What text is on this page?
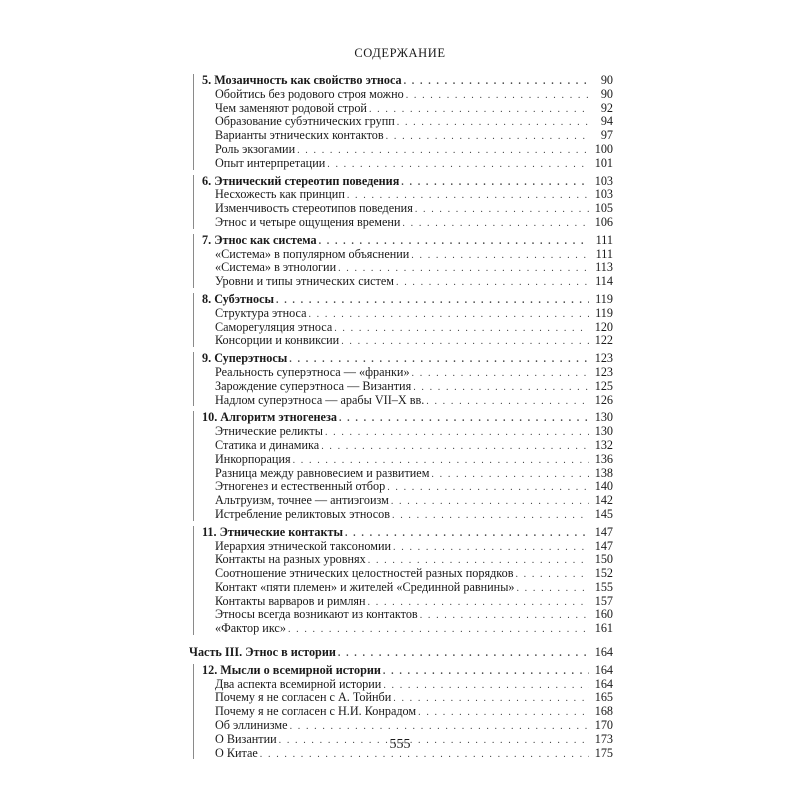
СОДЕРЖАНИЕ
5. Мозаичность как свойство этноса . . .	90
Обойтись без родового строя можно . . .	90
Чем заменяют родовой строй . . .	92
Образование субэтнических групп . . .	94
Варианты этнических контактов . . .	97
Роль экзогамии . . .	100
Опыт интерпретации . . .	101
6. Этнический стереотип поведения . . .	103
Несхожесть как принцип . . .	103
Изменчивость стереотипов поведения . . .	105
Этнос и четыре ощущения времени . . .	106
7. Этнос как система . . .	111
«Система» в популярном объяснении . . .	111
«Система» в этнологии . . .	113
Уровни и типы этнических систем . . .	114
8. Субэтносы . . .	119
Структура этноса . . .	119
Саморегуляция этноса . . .	120
Консорции и конвиксии . . .	122
9. Суперэтносы . . .	123
Реальность суперэтноса — «франки» . . .	123
Зарождение суперэтноса — Византия . . .	125
Надлом суперэтноса — арабы VII–X вв. . . .	126
10. Алгоритм этногенеза . . .	130
Этнические реликты . . .	130
Статика и динамика . . .	132
Инкорпорация . . .	136
Разница между равновесием и развитием . . .	138
Этногенез и естественный отбор . . .	140
Альтруизм, точнее — антиэгоизм . . .	142
Истребление реликтовых этносов . . .	145
11. Этнические контакты . . .	147
Иерархия этнической таксономии . . .	147
Контакты на разных уровнях . . .	150
Соотношение этнических целостностей разных порядков . . .	152
Контакт «пяти племен» и жителей «Срединной равнины» . . .	155
Контакты варваров и римлян . . .	157
Этносы всегда возникают из контактов . . .	160
«Фактор икс» . . .	161
Часть III. Этнос в истории . . .	164
12. Мысли о всемирной истории . . .	164
Два аспекта всемирной истории . . .	164
Почему я не согласен с А. Тойнби . . .	165
Почему я не согласен с Н.И. Конрадом . . .	168
Об эллинизме . . .	170
О Византии . . .	173
О Китае . . .	175
555
